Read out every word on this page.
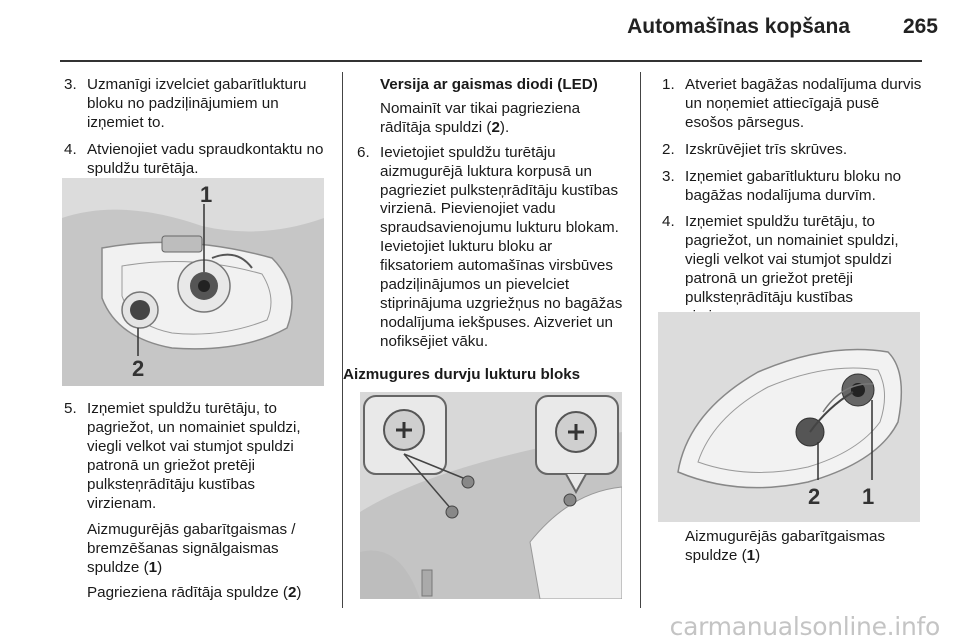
Automašīnas kopšana	265
3. Uzmanīgi izvelciet gabarītlukturu bloku no padziļinājumiem un izņemiet to.
4. Atvienojiet vadu spraudkontaktu no spuldžu turētāja.
1
2
5. Izņemiet spuldžu turētāju, to pagriežot, un nomainiet spuldzi, viegli velkot vai stumjot spuldzi patronā un griežot pretēji pulksteņrādītāju kustības virzienam.

Aizmugurējās gabarītgaismas / bremzēšanas signālgaismas spuldze (1)

Pagrieziena rādītāja spuldze (2)

Versija ar gaismas diodi (LED)

Nomainīt var tikai pagrieziena rādītāja spuldzi (2).

6. Ievietojiet spuldžu turētāju aizmugurējā luktura korpusā un pagrieziet pulksteņrādītāju kustības virzienā. Pievienojiet vadu spraudsavienojumu lukturu blokam. Ievietojiet lukturu bloku ar fiksatoriem automašīnas virsbūves padziļinājumos un pievelciet stiprinājuma uzgriežņus no bagāžas nodalījuma iekšpuses. Aizveriet un nofiksējiet vāku.
Aizmugures durvju lukturu bloks
1. Atveriet bagāžas nodalījuma durvis un noņemiet attiecīgajā pusē esošos pārsegus.
2. Izskrūvējiet trīs skrūves.
3. Izņemiet gabarītlukturu bloku no bagāžas nodalījuma durvīm.
4. Izņemiet spuldžu turētāju, to pagriežot, un nomainiet spuldzi, viegli velkot vai stumjot spuldzi patronā un griežot pretēji pulksteņrādītāju kustības
2 1

Aizmugurējās gabarītgaismas spuldze (1)

carmanualsonline.info
